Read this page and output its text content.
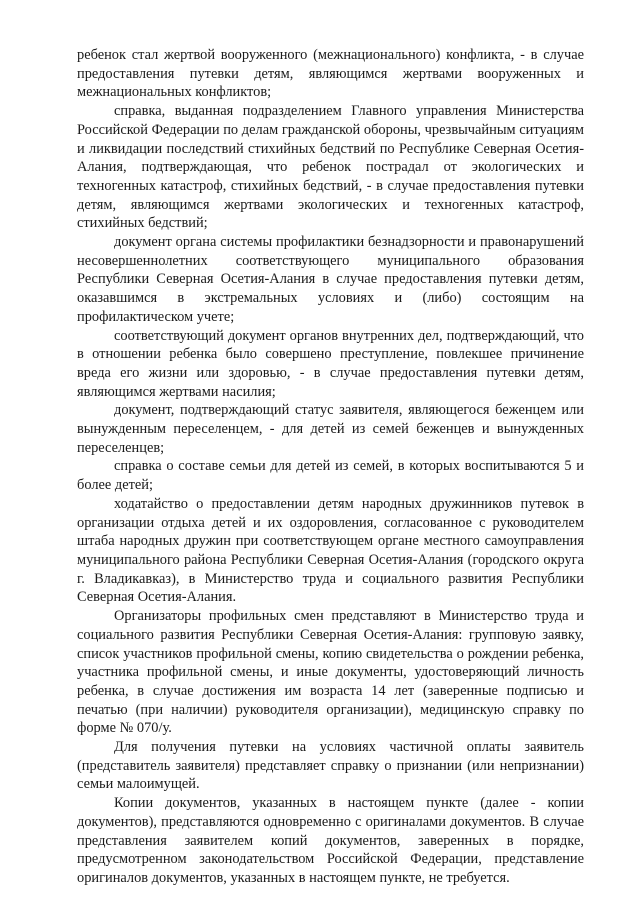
ребенок стал жертвой вооруженного (межнационального) конфликта, - в случае предоставления путевки детям, являющимся жертвами вооруженных и межнациональных конфликтов;

справка, выданная подразделением Главного управления Министерства Российской Федерации по делам гражданской обороны, чрезвычайным ситуациям и ликвидации последствий стихийных бедствий по Республике Северная Осетия-Алания, подтверждающая, что ребенок пострадал от экологических и техногенных катастроф, стихийных бедствий, - в случае предоставления путевки детям, являющимся жертвами экологических и техногенных катастроф, стихийных бедствий;

документ органа системы профилактики безнадзорности и правонарушений несовершеннолетних соответствующего муниципального образования Республики Северная Осетия-Алания в случае предоставления путевки детям, оказавшимся в экстремальных условиях и (либо) состоящим на профилактическом учете;

соответствующий документ органов внутренних дел, подтверждающий, что в отношении ребенка было совершено преступление, повлекшее причинение вреда его жизни или здоровью, - в случае предоставления путевки детям, являющимся жертвами насилия;

документ, подтверждающий статус заявителя, являющегося беженцем или вынужденным переселенцем, - для детей из семей беженцев и вынужденных переселенцев;

справка о составе семьи для детей из семей, в которых воспитываются 5 и более детей;

ходатайство о предоставлении детям народных дружинников путевок в организации отдыха детей и их оздоровления, согласованное с руководителем штаба народных дружин при соответствующем органе местного самоуправления муниципального района Республики Северная Осетия-Алания (городского округа г. Владикавказ), в Министерство труда и социального развития Республики Северная Осетия-Алания.

Организаторы профильных смен представляют в Министерство труда и социального развития Республики Северная Осетия-Алания: групповую заявку, список участников профильной смены, копию свидетельства о рождении ребенка, участника профильной смены, и иные документы, удостоверяющий личность ребенка, в случае достижения им возраста 14 лет (заверенные подписью и печатью (при наличии) руководителя организации), медицинскую справку по форме № 070/у.

Для получения путевки на условиях частичной оплаты заявитель (представитель заявителя) представляет справку о признании (или непризнании) семьи малоимущей.

Копии документов, указанных в настоящем пункте (далее - копии документов), представляются одновременно с оригиналами документов. В случае представления заявителем копий документов, заверенных в порядке, предусмотренном законодательством Российской Федерации, представление оригиналов документов, указанных в настоящем пункте, не требуется.
